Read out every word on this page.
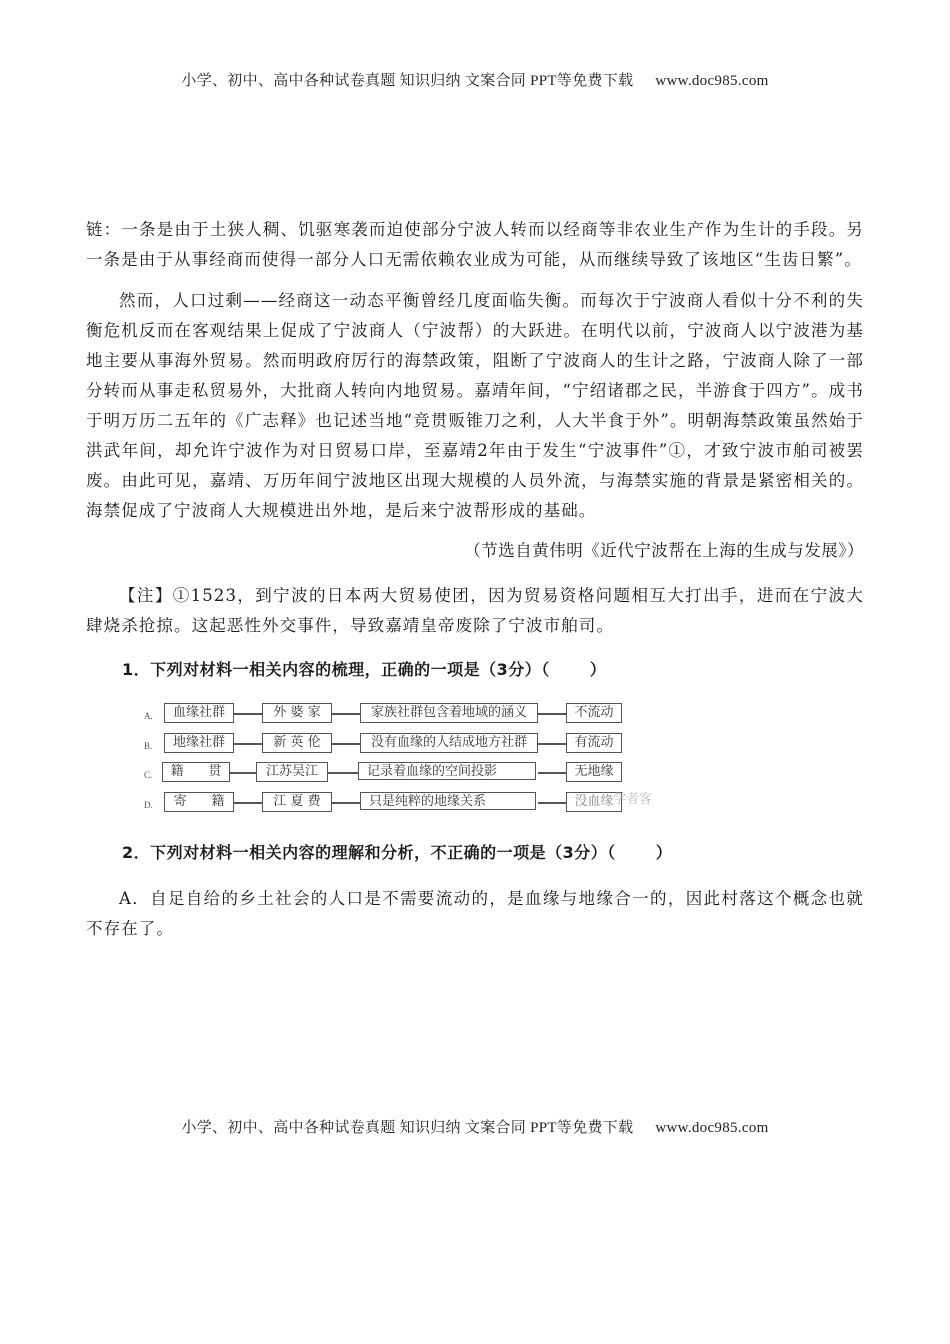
小学、初中、高中各种试卷真题 知识归纳 文案合同 PPT等免费下载 www.doc985.com

链：一条是由于土狭人稠、饥驱寒袭而迫使部分宁波人转而以经商等非农业生产作为生计的手段。另一条是由于从事经商而使得一部分人口无需依赖农业成为可能，从而继续导致了该地区“生齿日繁”。

然而，人口过剩——经商这一动态平衡曾经几度面临失衡。而每次于宁波商人看似十分不利的失衡危机反而在客观结果上促成了宁波商人（宁波帮）的大跃进。在明代以前，宁波商人以宁波港为基地主要从事海外贸易。然而明政府厉行的海禁政策，阻断了宁波商人的生计之路，宁波商人除了一部分转而从事走私贸易外，大批商人转向内地贸易。嘉靖年间，“宁绍诸郡之民，半游食于四方”。成书于明万历二五年的《广志释》也记述当地“竞贯贩锥刀之利，人大半食于外”。明朝海禁政策虽然始于洪武年间，却允许宁波作为对日贸易口岸，至嘉靖2年由于发生“宁波事件”①，才致宁波市舶司被罢废。由此可见，嘉靖、万历年间宁波地区出现大规模的人员外流，与海禁实施的背景是紧密相关的。海禁促成了宁波商人大规模进出外地，是后来宁波帮形成的基础。

（节选自黄伟明《近代宁波帮在上海的生成与发展》）

【注】①1523，到宁波的日本两大贸易使团，因为贸易资格问题相互大打出手，进而在宁波大肆烧杀抢掠。这起恶性外交事件，导致嘉靖皇帝废除了宁波市舶司。

1．下列对材料一相关内容的梳理，正确的一项是（3分）（	）

A.	血缘社群	外 婆 家	家族社群包含着地域的涵义	不流动
B.	地缘社群	新 英 伦	没有血缘的人结成地方社群	有流动
C.	籍      贯	江苏吴江	记录着血缘的空间投影	无地缘
D.	寄      籍	江 夏 费	只是纯粹的地缘关系	没血缘 学者客

2．下列对材料一相关内容的理解和分析，不正确的一项是（3分）（	）

A．自足自给的乡土社会的人口是不需要流动的，是血缘与地缘合一的，因此村落这个概念也就不存在了。

小学、初中、高中各种试卷真题 知识归纳 文案合同 PPT等免费下载 www.doc985.com
